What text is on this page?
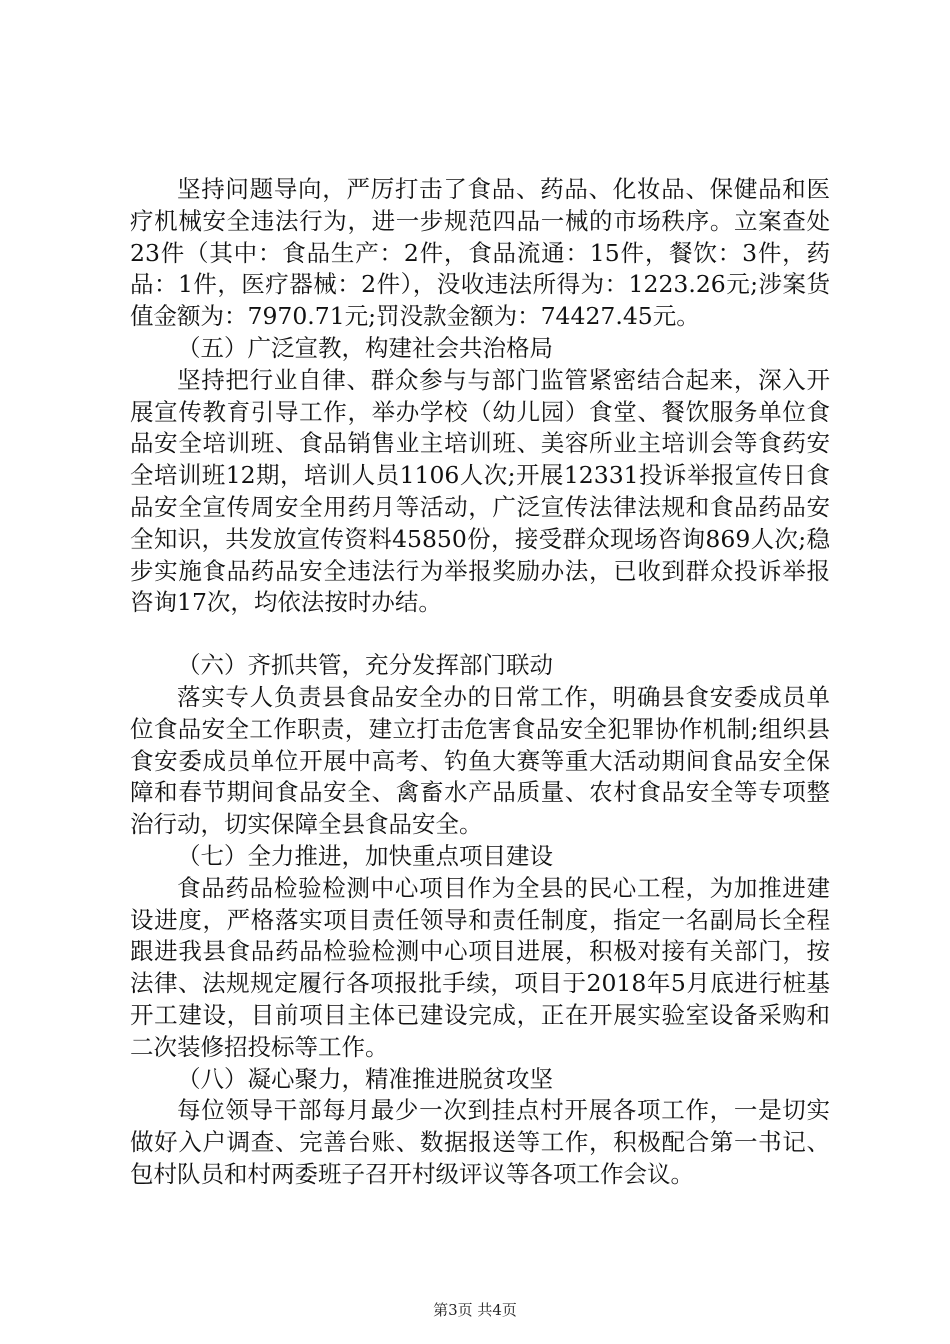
坚持问题导向，严厉打击了食品、药品、化妆品、保健品和医疗机械安全违法行为，进一步规范四品一械的市场秩序。立案查处23件（其中：食品生产：2件，食品流通：15件，餐饮：3件，药品：1件，医疗器械：2件），没收违法所得为：1223.26元;涉案货值金额为：7970.71元;罚没款金额为：74427.45元。

（五）广泛宣教，构建社会共治格局

坚持把行业自律、群众参与与部门监管紧密结合起来，深入开展宣传教育引导工作，举办学校（幼儿园）食堂、餐饮服务单位食品安全培训班、食品销售业主培训班、美容所业主培训会等食药安全培训班12期，培训人员1106人次;开展12331投诉举报宣传日食品安全宣传周安全用药月等活动，广泛宣传法律法规和食品药品安全知识，共发放宣传资料45850份，接受群众现场咨询869人次;稳步实施食品药品安全违法行为举报奖励办法，已收到群众投诉举报咨询17次，均依法按时办结。

（六）齐抓共管，充分发挥部门联动

落实专人负责县食品安全办的日常工作，明确县食安委成员单位食品安全工作职责，建立打击危害食品安全犯罪协作机制;组织县食安委成员单位开展中高考、钓鱼大赛等重大活动期间食品安全保障和春节期间食品安全、禽畜水产品质量、农村食品安全等专项整治行动，切实保障全县食品安全。

（七）全力推进，加快重点项目建设

食品药品检验检测中心项目作为全县的民心工程，为加推进建设进度，严格落实项目责任领导和责任制度，指定一名副局长全程跟进我县食品药品检验检测中心项目进展，积极对接有关部门，按法律、法规规定履行各项报批手续，项目于2018年5月底进行桩基开工建设，目前项目主体已建设完成，正在开展实验室设备采购和二次装修招投标等工作。

（八）凝心聚力，精准推进脱贫攻坚

每位领导干部每月最少一次到挂点村开展各项工作，一是切实做好入户调查、完善台账、数据报送等工作，积极配合第一书记、包村队员和村两委班子召开村级评议等各项工作会议。

第3页 共4页
